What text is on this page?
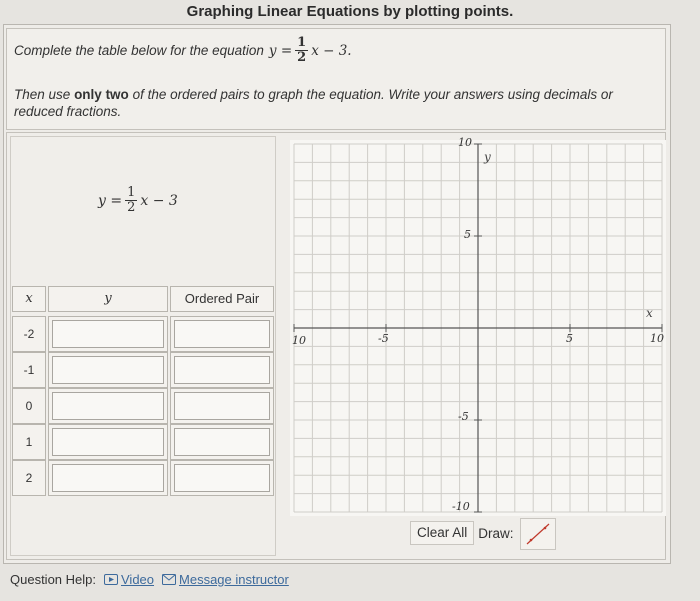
Graphing Linear Equations by plotting points.
Complete the table below for the equation $y = \frac{1}{2}$ x − 3.
Then use only two of the ordered pairs to graph the equation. Write your answers using decimals or reduced fractions.
$y = \frac{1}{2}$ x − 3
x	y	Ordered Pair
-2
-1
0
1
2
y
x
10
5
-5
-10
10	-5	5	10
Clear All Draw:
Question Help: Video Message instructor
